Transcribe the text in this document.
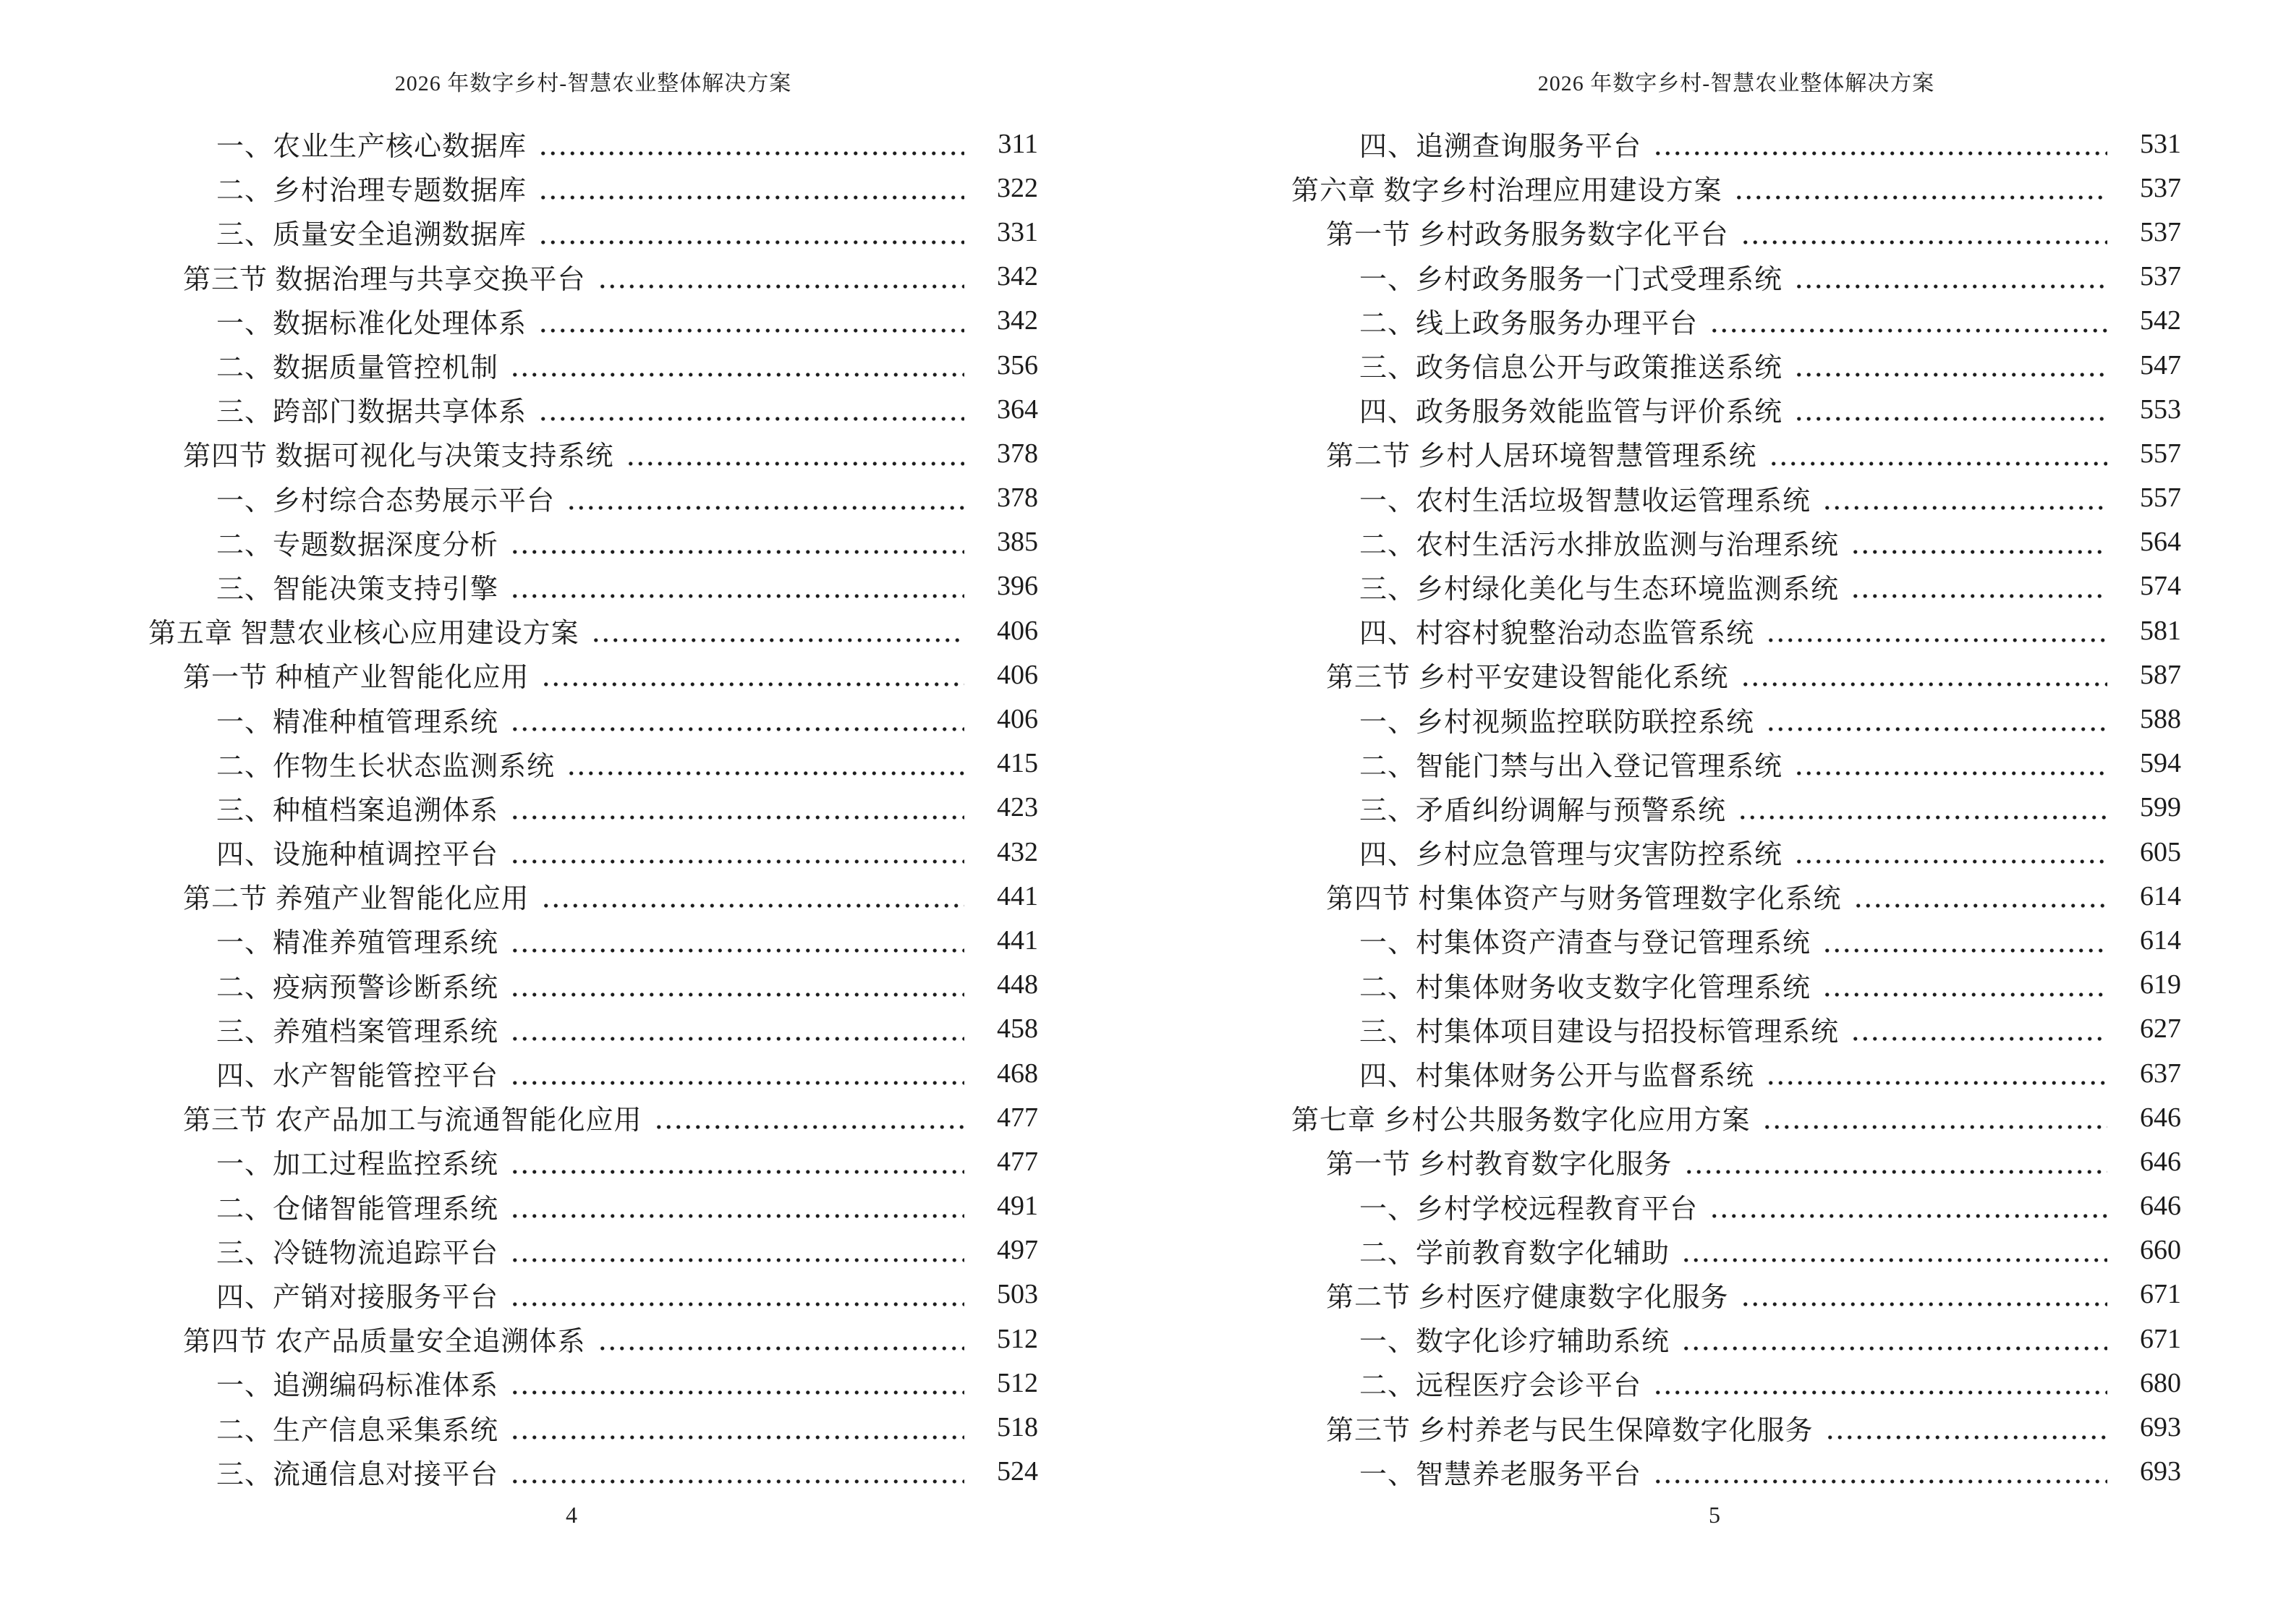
2026 年数字乡村-智慧农业整体解决方案
一、农业生产核心数据库	311
二、乡村治理专题数据库	322
三、质量安全追溯数据库	331
第三节 数据治理与共享交换平台	342
一、数据标准化处理体系	342
二、数据质量管控机制	356
三、跨部门数据共享体系	364
第四节 数据可视化与决策支持系统	378
一、乡村综合态势展示平台	378
二、专题数据深度分析	385
三、智能决策支持引擎	396
第五章 智慧农业核心应用建设方案	406
第一节 种植产业智能化应用	406
一、精准种植管理系统	406
二、作物生长状态监测系统	415
三、种植档案追溯体系	423
四、设施种植调控平台	432
第二节 养殖产业智能化应用	441
一、精准养殖管理系统	441
二、疫病预警诊断系统	448
三、养殖档案管理系统	458
四、水产智能管控平台	468
第三节 农产品加工与流通智能化应用	477
一、加工过程监控系统	477
二、仓储智能管理系统	491
三、冷链物流追踪平台	497
四、产销对接服务平台	503
第四节 农产品质量安全追溯体系	512
一、追溯编码标准体系	512
二、生产信息采集系统	518
三、流通信息对接平台	524
4
2026 年数字乡村-智慧农业整体解决方案
四、追溯查询服务平台	531
第六章 数字乡村治理应用建设方案	537
第一节 乡村政务服务数字化平台	537
一、乡村政务服务一门式受理系统	537
二、线上政务服务办理平台	542
三、政务信息公开与政策推送系统	547
四、政务服务效能监管与评价系统	553
第二节 乡村人居环境智慧管理系统	557
一、农村生活垃圾智慧收运管理系统	557
二、农村生活污水排放监测与治理系统	564
三、乡村绿化美化与生态环境监测系统	574
四、村容村貌整治动态监管系统	581
第三节 乡村平安建设智能化系统	587
一、乡村视频监控联防联控系统	588
二、智能门禁与出入登记管理系统	594
三、矛盾纠纷调解与预警系统	599
四、乡村应急管理与灾害防控系统	605
第四节 村集体资产与财务管理数字化系统	614
一、村集体资产清查与登记管理系统	614
二、村集体财务收支数字化管理系统	619
三、村集体项目建设与招投标管理系统	627
四、村集体财务公开与监督系统	637
第七章 乡村公共服务数字化应用方案	646
第一节 乡村教育数字化服务	646
一、乡村学校远程教育平台	646
二、学前教育数字化辅助	660
第二节 乡村医疗健康数字化服务	671
一、数字化诊疗辅助系统	671
二、远程医疗会诊平台	680
第三节 乡村养老与民生保障数字化服务	693
一、智慧养老服务平台	693
5
